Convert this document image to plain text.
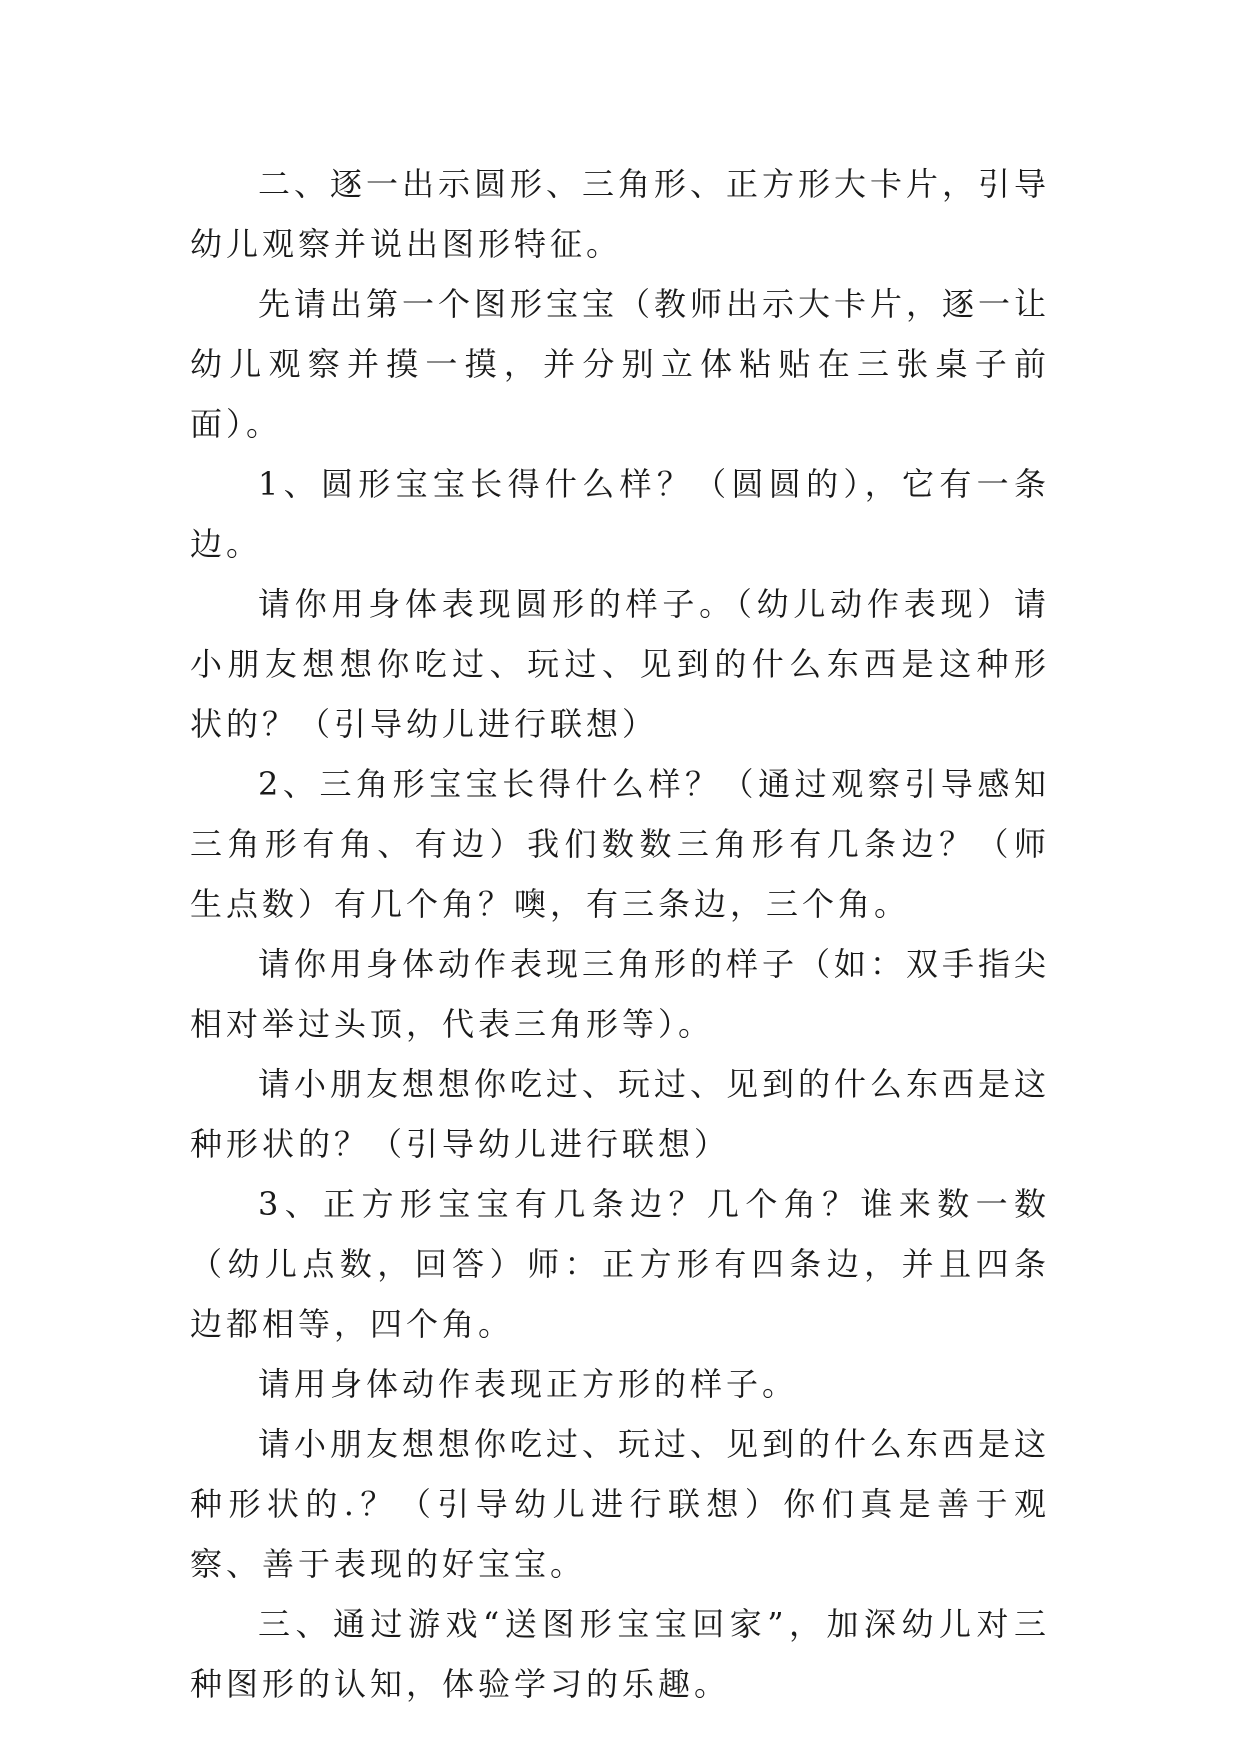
二、逐一出示圆形、三角形、正方形大卡片，引导幼儿观察并说出图形特征。

先请出第一个图形宝宝（教师出示大卡片，逐一让幼儿观察并摸一摸，并分别立体粘贴在三张桌子前面）。

1、圆形宝宝长得什么样？（圆圆的），它有一条边。

请你用身体表现圆形的样子。（幼儿动作表现）请小朋友想想你吃过、玩过、见到的什么东西是这种形状的？（引导幼儿进行联想）

2、三角形宝宝长得什么样？（通过观察引导感知三角形有角、有边）我们数数三角形有几条边？（师生点数）有几个角？噢，有三条边，三个角。

请你用身体动作表现三角形的样子（如：双手指尖相对举过头顶，代表三角形等）。

请小朋友想想你吃过、玩过、见到的什么东西是这种形状的？（引导幼儿进行联想）

3、正方形宝宝有几条边？几个角？谁来数一数（幼儿点数，回答）师：正方形有四条边，并且四条边都相等，四个角。

请用身体动作表现正方形的样子。

请小朋友想想你吃过、玩过、见到的什么东西是这种形状的.？（引导幼儿进行联想）你们真是善于观察、善于表现的好宝宝。

三、通过游戏“送图形宝宝回家”，加深幼儿对三种图形的认知，体验学习的乐趣。
